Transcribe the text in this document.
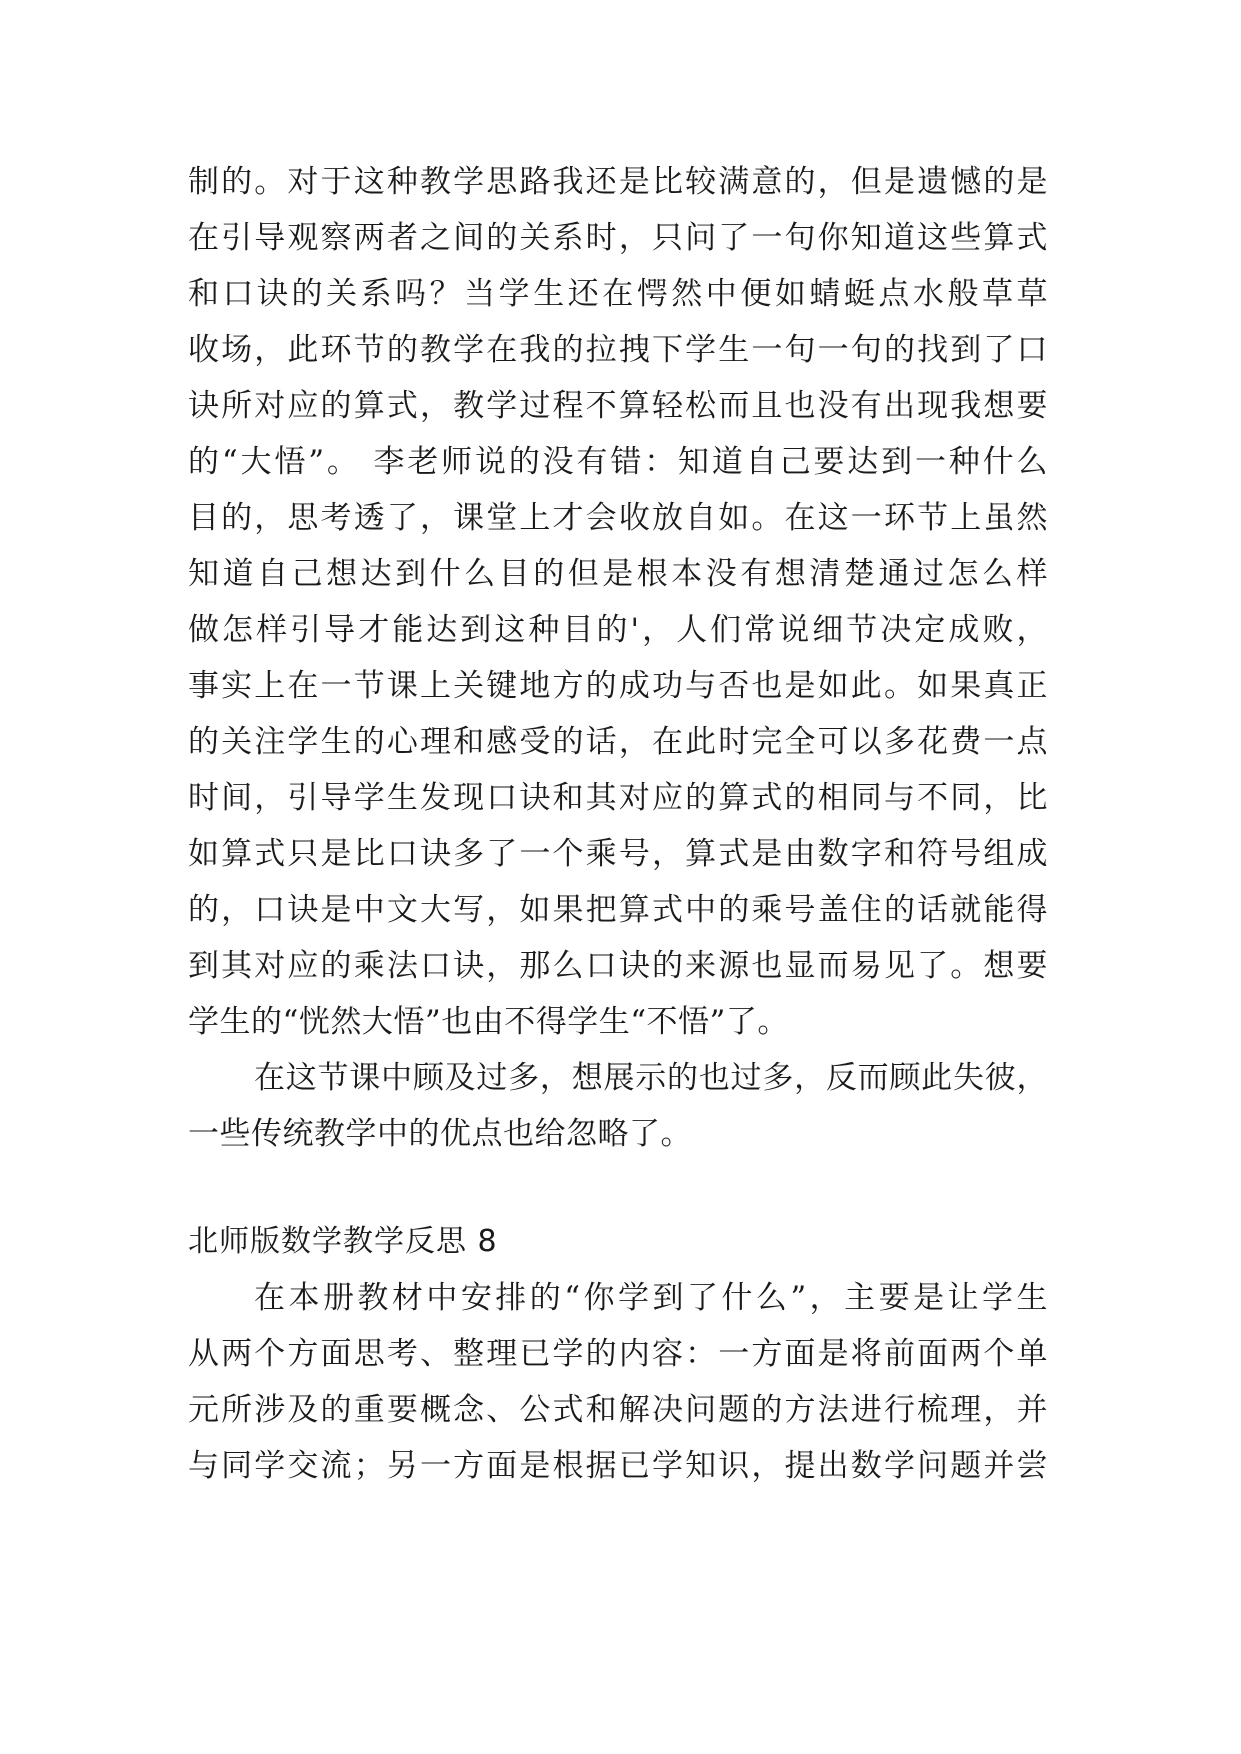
制的。对于这种教学思路我还是比较满意的，但是遗憾的是
在引导观察两者之间的关系时，只问了一句你知道这些算式
和口诀的关系吗？当学生还在愕然中便如蜻蜓点水般草草
收场，此环节的教学在我的拉拽下学生一句一句的找到了口
诀所对应的算式，教学过程不算轻松而且也没有出现我想要
的“大悟”。 李老师说的没有错：知道自己要达到一种什么
目的，思考透了，课堂上才会收放自如。在这一环节上虽然
知道自己想达到什么目的但是根本没有想清楚通过怎么样
做怎样引导才能达到这种目的'，人们常说细节决定成败，
事实上在一节课上关键地方的成功与否也是如此。如果真正
的关注学生的心理和感受的话，在此时完全可以多花费一点
时间，引导学生发现口诀和其对应的算式的相同与不同，比
如算式只是比口诀多了一个乘号，算式是由数字和符号组成
的，口诀是中文大写，如果把算式中的乘号盖住的话就能得
到其对应的乘法口诀，那么口诀的来源也显而易见了。想要
学生的“恍然大悟”也由不得学生“不悟”了。
在这节课中顾及过多，想展示的也过多，反而顾此失彼，
一些传统教学中的优点也给忽略了。
北师版数学教学反思 8
在本册教材中安排的“你学到了什么”，主要是让学生
从两个方面思考、整理已学的内容：一方面是将前面两个单
元所涉及的重要概念、公式和解决问题的方法进行梳理，并
与同学交流；另一方面是根据已学知识，提出数学问题并尝
